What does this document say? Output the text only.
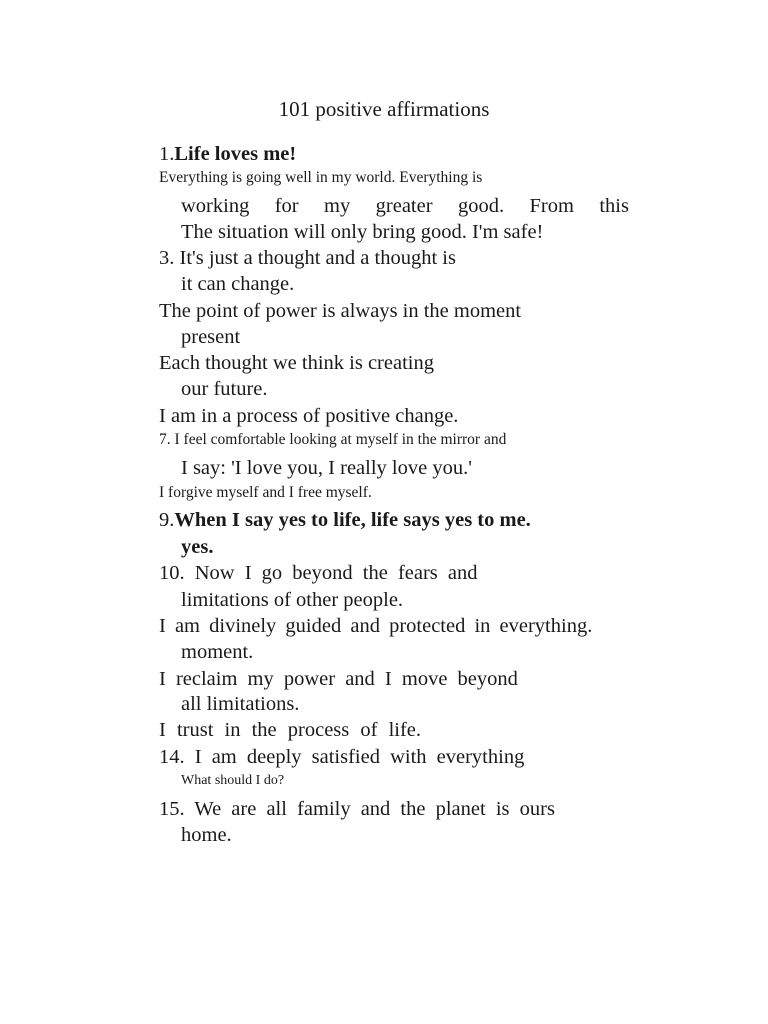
101 positive affirmations
1.Life loves me!
Everything is going well in my world. Everything is
working for my greater good. From this
The situation will only bring good. I'm safe!
3. It's just a thought and a thought is
it can change.
The point of power is always in the moment
present
Each thought we think is creating
our future.
I am in a process of positive change.
7. I feel comfortable looking at myself in the mirror and
I say: 'I love you, I really love you.'
I forgive myself and I free myself.
9.When I say yes to life, life says yes to me.
yes.
10. Now I go beyond the fears and
limitations of other people.
I am divinely guided and protected in everything.
moment.
I reclaim my power and I move beyond
all limitations.
I trust in the process of life.
14. I am deeply satisfied with everything
What should I do?
15. We are all family and the planet is ours
home.
